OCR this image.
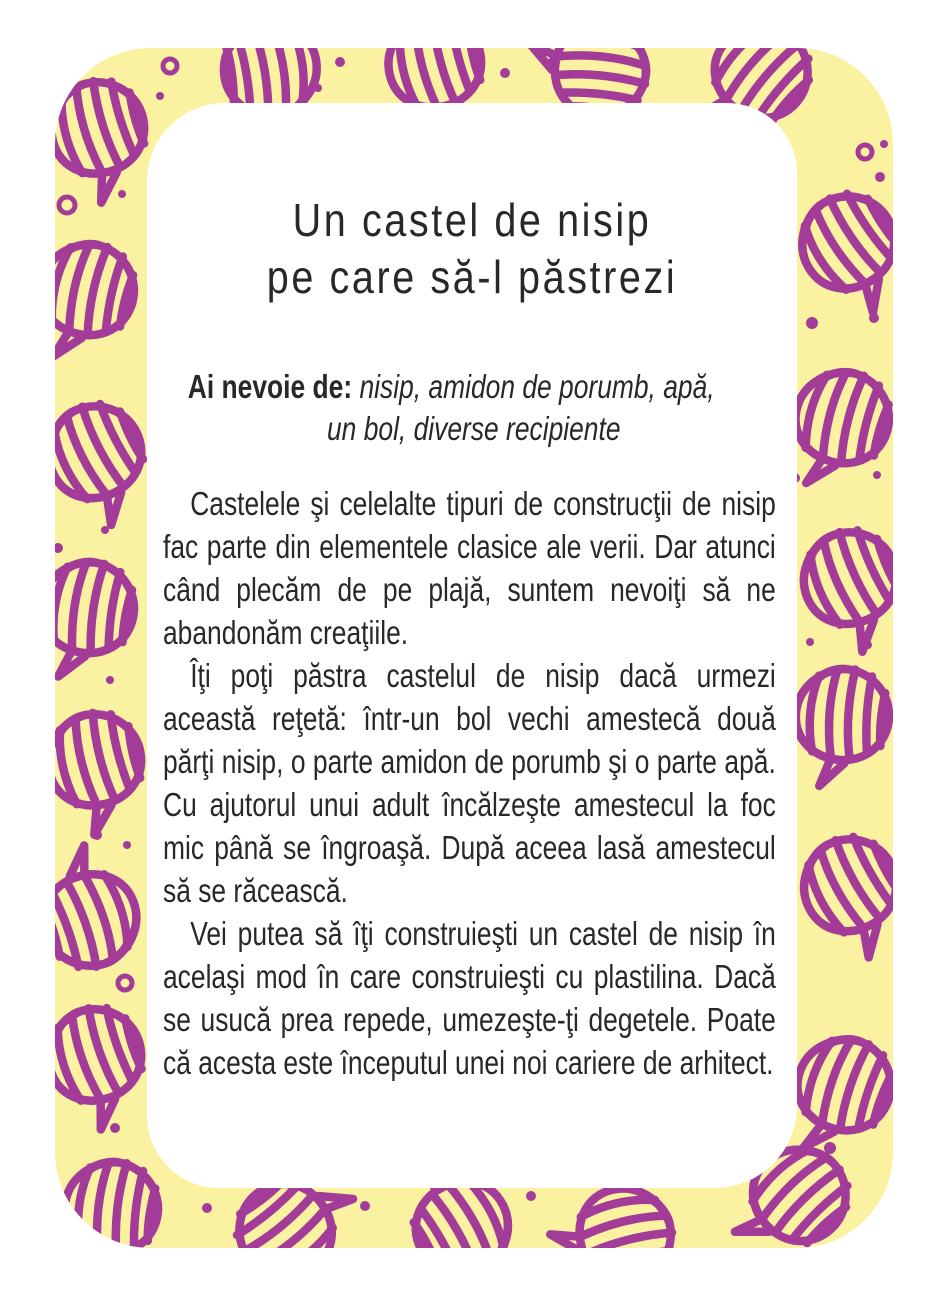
Un castel de nisip
pe care să-l păstrezi
Ai nevoie de: nisip, amidon de porumb, apă,
un bol, diverse recipiente

Castelele şi celelalte tipuri de construcţii de nisip fac parte din elementele clasice ale verii. Dar atunci când plecăm de pe plajă, suntem nevoiţi să ne abandonăm creaţiile.

Îţi poţi păstra castelul de nisip dacă urmezi această reţetă: într-un bol vechi amestecă două părţi nisip, o parte amidon de porumb şi o parte apă. Cu ajutorul unui adult încălzeşte amestecul la foc mic până se îngroaşă. După aceea lasă amestecul să se răcească.

Vei putea să îţi construieşti un castel de nisip în acelaşi mod în care construieşti cu plastilina. Dacă se usucă prea repede, umezeşte-ţi degetele. Poate că acesta este începutul unei noi cariere de arhitect.
